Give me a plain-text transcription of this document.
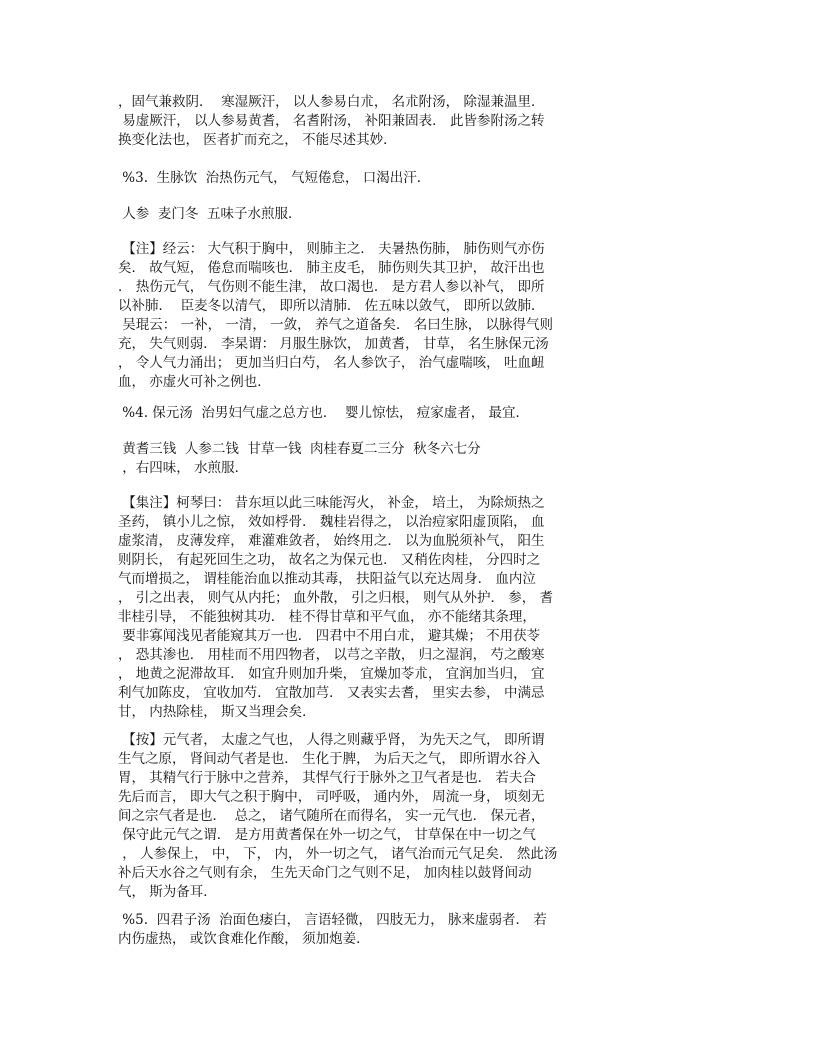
，固气兼救阴．  寒湿厥汗， 以人参易白朮， 名朮附汤， 除湿兼温里．
易虚厥汗， 以人参易黄耆， 名耆附汤， 补阳兼固表． 此皆参附汤之转
换变化法也， 医者扩而充之， 不能尽述其妙．
%3.  生脉饮  治热伤元气， 气短倦怠， 口渴出汗．
人参  麦门冬  五味子水煎服．
【注】经云： 大气积于胸中， 则肺主之． 夫暑热伤肺， 肺伤则气亦伤
矣． 故气短， 倦怠而喘咳也． 肺主皮毛， 肺伤则失其卫护， 故汗出也
． 热伤元气， 气伤则不能生津， 故口渴也． 是方君人参以补气， 即所
以补肺．  臣麦冬以清气， 即所以清肺． 佐五味以敛气， 即所以敛肺．
吴琨云： 一补， 一清， 一敛， 养气之道备矣． 名曰生脉， 以脉得气则
充， 失气则弱． 李杲谓： 月服生脉饮， 加黄耆， 甘草， 名生脉保元汤
， 令人气力涌出； 更加当归白芍， 名人参饮子， 治气虚喘咳， 吐血衄
血， 亦虚火可补之例也．
%4. 保元汤  治男妇气虚之总方也．  婴儿惊怯， 痘家虚者， 最宜．
黄耆三钱  人参二钱  甘草一钱  肉桂春夏二三分  秋冬六七分
，右四味， 水煎服．
【集注】柯琴曰： 昔东垣以此三味能泻火， 补金， 培土， 为除烦热之
圣药， 镇小儿之惊， 效如桴骨． 魏桂岩得之， 以治痘家阳虚顶陷， 血
虚浆清， 皮薄发痒， 难灌难敛者， 始终用之． 以为血脱须补气， 阳生
则阴长， 有起死回生之功， 故名之为保元也． 又稍佐肉桂， 分四时之
气而增损之， 谓桂能治血以推动其毒， 扶阳益气以充达周身． 血内泣
， 引之出表， 则气从内托； 血外散， 引之归根， 则气从外护． 参， 耆
非桂引导， 不能独树其功． 桂不得甘草和平气血， 亦不能绪其条理，
要非寡闻浅见者能窥其万一也． 四君中不用白朮， 避其燥； 不用茯苓
， 恐其渗也． 用桂而不用四物者， 以芎之辛散， 归之湿润， 芍之酸寒
， 地黄之泥滞故耳． 如宜升则加升柴， 宜燥加苓朮， 宜润加当归， 宜
利气加陈皮， 宜收加芍． 宜散加芎． 又表实去耆， 里实去参， 中满忌
甘， 内热除桂， 斯又当理会矣．
【按】元气者， 太虚之气也， 人得之则藏乎肾， 为先天之气， 即所谓
生气之原， 肾间动气者是也． 生化于脾， 为后天之气， 即所谓水谷入
胃， 其精气行于脉中之营养， 其悍气行于脉外之卫气者是也． 若夫合
先后而言， 即大气之积于胸中， 司呼吸， 通内外， 周流一身， 顷刻无
间之宗气者是也．  总之， 诸气随所在而得名， 实一元气也． 保元者，
保守此元气之谓． 是方用黄耆保在外一切之气， 甘草保在中一切之气
， 人参保上， 中， 下， 内， 外一切之气， 诸气治而元气足矣． 然此汤
补后天水谷之气则有余， 生先天命门之气则不足， 加肉桂以鼓肾间动
气， 斯为备耳．
%5.  四君子汤  治面色痿白， 言语轻微， 四肢无力， 脉来虚弱者． 若
内伤虚热， 或饮食难化作酸， 须加炮姜．
